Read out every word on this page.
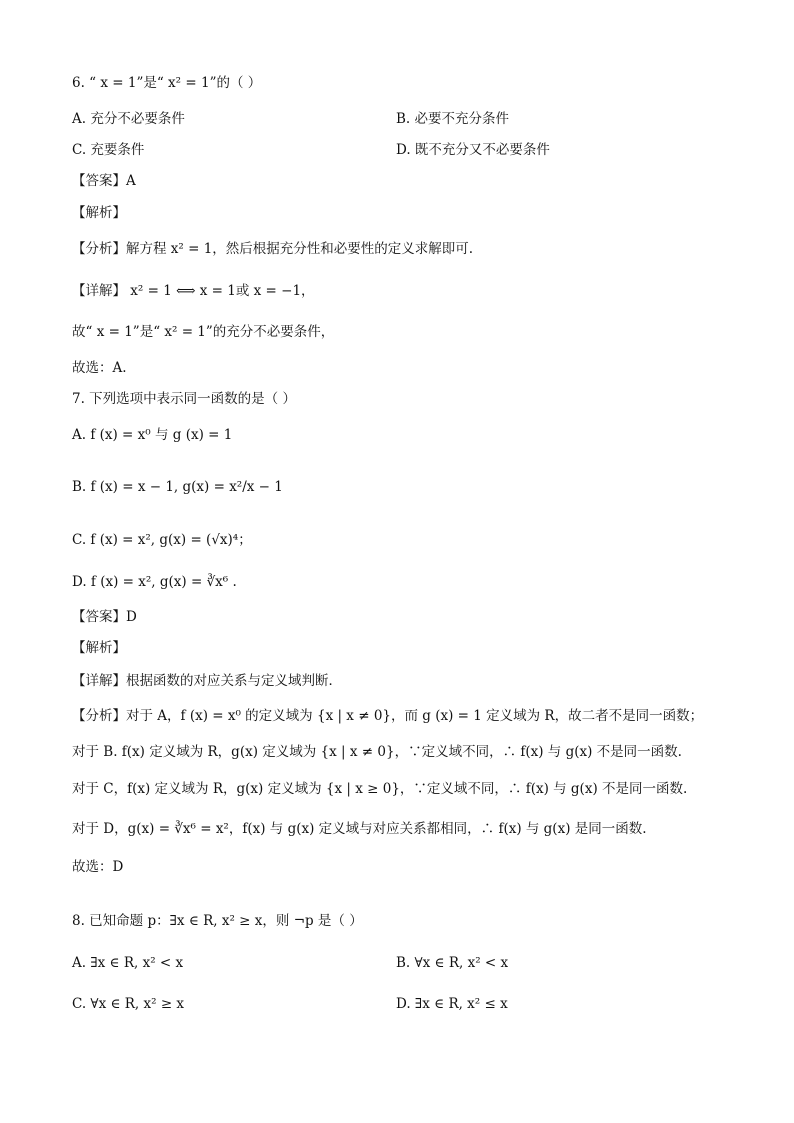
6. “ x = 1”是“ x² = 1”的（ ）
A. 充分不必要条件	B. 必要不充分条件
C. 充要条件	D. 既不充分又不必要条件
【答案】A
【解析】
【分析】解方程 x² = 1，然后根据充分性和必要性的定义求解即可.
【详解】 x² = 1 ⟺ x = 1或 x = −1，
故“ x = 1”是“ x² = 1”的充分不必要条件，
故选：A.
7. 下列选项中表示同一函数的是（ ）
A. f (x) = x⁰ 与 g (x) = 1
B. f (x) = x − 1, g(x) = x²/x − 1
C. f (x) = x², g(x) = (√x)⁴；
D. f (x) = x², g(x) = ∛x⁶ .
【答案】D
【解析】
【详解】根据函数的对应关系与定义域判断．
【分析】对于 A，f (x) = x⁰ 的定义域为 {x | x ≠ 0}，而 g (x) = 1 定义域为 R，故二者不是同一函数；
对于 B. f(x) 定义域为 R，g(x) 定义域为 {x | x ≠ 0}，∵定义域不同，∴ f(x) 与 g(x) 不是同一函数.
对于 C，f(x) 定义域为 R，g(x) 定义域为 {x | x ≥ 0}，∵定义域不同，∴ f(x) 与 g(x) 不是同一函数.
对于 D，g(x) = ∛x⁶ = x²，f(x) 与 g(x) 定义域与对应关系都相同，∴ f(x) 与 g(x) 是同一函数.
故选：D
8. 已知命题 p：∃x ∈ R, x² ≥ x，则 ¬p 是（ ）
A. ∃x ∈ R, x² < x	B. ∀x ∈ R, x² < x
C. ∀x ∈ R, x² ≥ x	D. ∃x ∈ R, x² ≤ x
